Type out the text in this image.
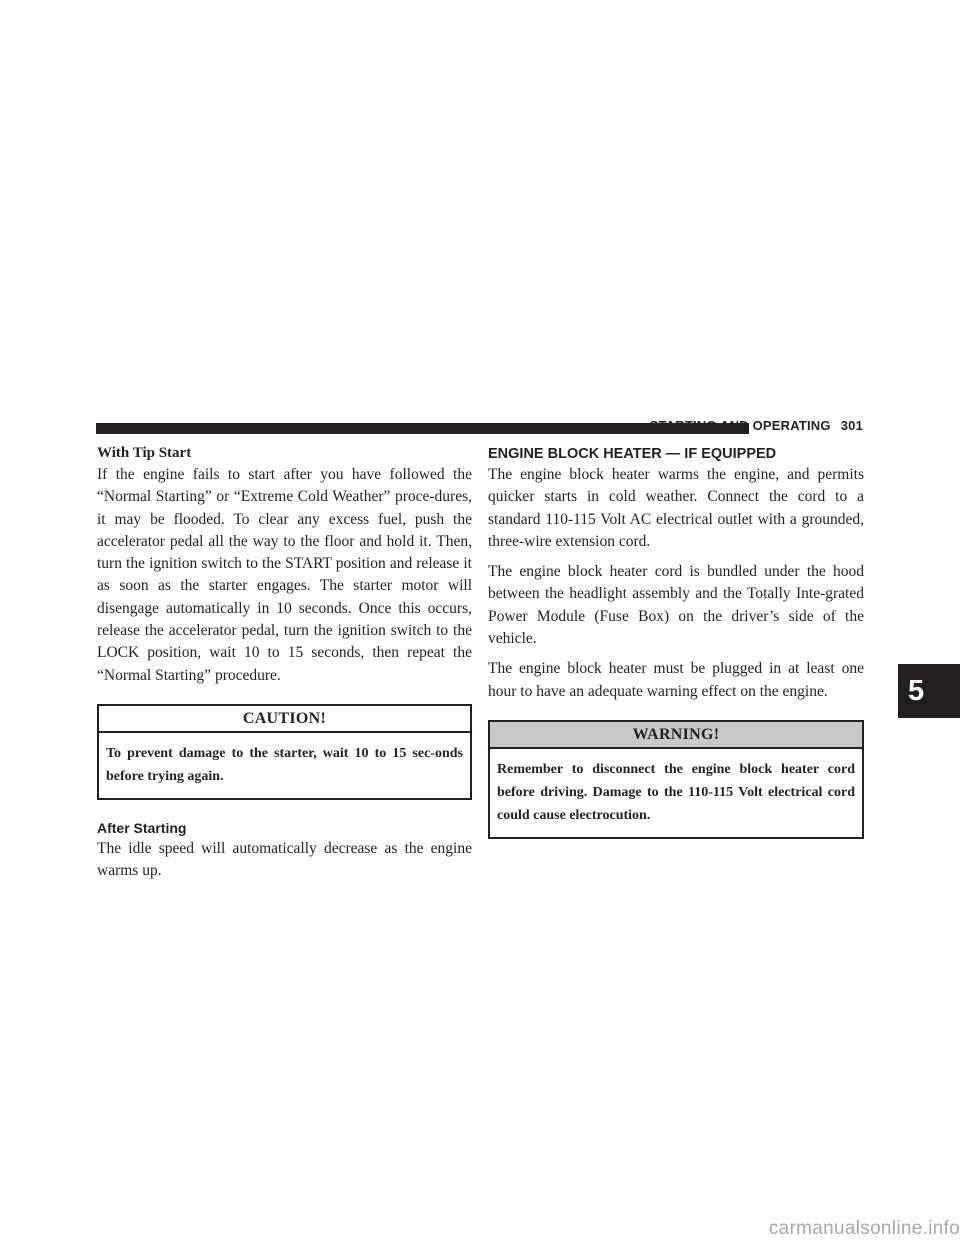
STARTING AND OPERATING 301
With Tip Start

If the engine fails to start after you have followed the “Normal Starting” or “Extreme Cold Weather” proce-dures, it may be flooded. To clear any excess fuel, push the accelerator pedal all the way to the floor and hold it. Then, turn the ignition switch to the START position and release it as soon as the starter engages. The starter motor will disengage automatically in 10 seconds. Once this occurs, release the accelerator pedal, turn the ignition switch to the LOCK position, wait 10 to 15 seconds, then repeat the “Normal Starting” procedure.

CAUTION!
To prevent damage to the starter, wait 10 to 15 sec-onds before trying again.
After Starting

The idle speed will automatically decrease as the engine warms up.

ENGINE BLOCK HEATER — IF EQUIPPED

The engine block heater warms the engine, and permits quicker starts in cold weather. Connect the cord to a standard 110-115 Volt AC electrical outlet with a grounded, three-wire extension cord.

The engine block heater cord is bundled under the hood between the headlight assembly and the Totally Inte-grated Power Module (Fuse Box) on the driver’s side of the vehicle.

The engine block heater must be plugged in at least one hour to have an adequate warning effect on the engine.

WARNING!
Remember to disconnect the engine block heater cord before driving. Damage to the 110-115 Volt electrical cord could cause electrocution.
5
carmanualsonline.info
